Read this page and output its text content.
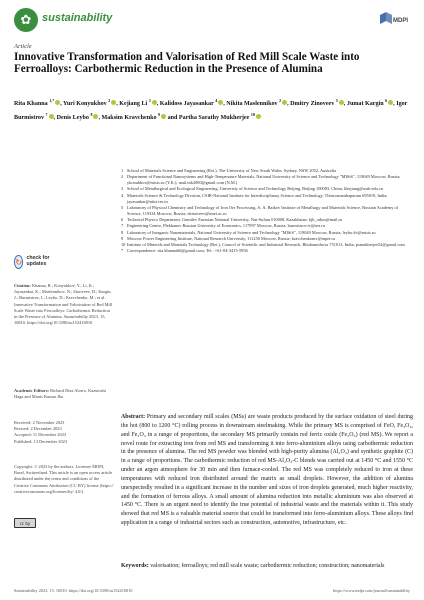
✿ sustainability	MDPI
Article
Innovative Transformation and Valorisation of Red Mill Scale Waste into Ferroalloys: Carbothermic Reduction in the Presence of Alumina
Rita Khanna $^{1,*}$, Yuri Konyukhov $^2$, Kejiang Li $^3$, Kalidoss Jayasankar $^4$, Nikita Maslennikov $^2$, Dmitry Zinoveev $^5$, Jumat Kargin $^6$, Igor Burmistrov $^7$, Denis Leybo $^8$, Maksim Kravchenko $^9$ and Partha Sarathy Mukherjee $^{10}$
1 School of Materials Science and Engineering (Ret.), The University of New South Wales, Sydney, NSW 2052, Australia
2 Department of Functional Nanosystems and High-Temperature Materials, National University of Science and Technology "MISiS", 119049 Moscow, Russia; ykonukhov@misis.ru (Y.K.); mail.nik2000@gmail.com (N.M.)
3 School of Metallurgical and Ecological Engineering, University of Science and Technology Beijing, Beijing 100083, China; likejiang@ustb.edu.cn
4 Materials Science & Technology Division, CSIR-National Institute for Interdisciplinary Science and Technology, Thiruvananthapuram 695019, India; jayasankar@niist.res.in
5 Laboratory of Physical Chemistry and Technology of Iron Ore Processing, A. A. Baikov Institute of Metallurgy and Materials Science, Russian Academy of Science, 119334 Moscow, Russia; dzinoveev@imet.ac.ru
6 Technical Physics Department, Gumilev Eurasian National University, Nur-Sultan 010008, Kazakhstan; kjh_orkm@mail.ru
7 Engineering Centre, Plekhanov Russian University of Economics, 117997 Moscow, Russia; burmistrov.iv@rea.ru
8 Laboratory of Inorganic Nanomaterials, National University of Science and Technology "MISiS", 119049 Moscow, Russia; leybo.dv@misis.ru
9 Moscow Power Engineering Institute, National Research University, 111250 Moscow, Russia; kravchenkomv@mpei.ru
10 Institute of Minerals and Materials Technology (Ret.), Council of Scientific and Industrial Research, Bhubaneshwar 751013, India; psmukherjee52@gmail.com
* Correspondence: rita.khanna66@gmail.com; Tel.: +61-04-3415-5956
↻ check for updates
Citation: Khanna, R.; Konyukhov, Y.; Li, K.; Jayasankar, K.; Maslennikov, N.; Zinoveev, D.; Kargin, J.; Burmistrov, I.; Leybo, D.; Kravchenko, M.; et al. Innovative Transformation and Valorisation of Red Mill Scale Waste into Ferroalloys: Carbothermic Reduction in the Presence of Alumina. Sustainability 2023, 15, 16810. https://doi.org/10.3390/su152416810
Academic Editors: Richard Diaz Alorro, Kazutoshi Haga and Manis Kumar Jha
Received: 2 November 2023
Revised: 2 December 2023
Accepted: 11 December 2023
Published: 13 December 2023
cc by
Copyright: © 2023 by the authors. Licensee MDPI, Basel, Switzerland. This article is an open access article distributed under the terms and conditions of the Creative Commons Attribution (CC BY) license (https:// creativecommons.org/licenses/by/ 4.0/).
Abstract: Primary and secondary mill scales (MSs) are waste products produced by the surface oxidation of steel during the hot (800 to 1200 °C) rolling process in downstream steelmaking. While the primary MS is comprised of FeO, Fe₃O₄, and Fe₂O₃ in a range of proportions, the secondary MS primarily contain red ferric oxide (Fe₂O₃) (red MS). We report a novel route for extracting iron from red MS and transforming it into ferro-aluminium alloys using carbothermic reduction in the presence of alumina. The red MS powder was blended with high-purity alumina (Al₂O₃) and synthetic graphite (C) in a range of proportions. The carbothermic reduction of red MS-Al₂O₃-C blends was carried out at 1450 °C and 1550 °C under an argon atmosphere for 30 min and then furnace-cooled. The red MS was completely reduced to iron at these temperatures with reduced iron distributed around the matrix as small droplets. However, the addition of alumina unexpectedly resulted in a significant increase in the number and sizes of iron droplets generated, much higher reactivity, and the formation of ferrous alloys. A small amount of alumina reduction into metallic aluminium was also observed at 1450 °C. There is an urgent need to identify the true potential of industrial waste and the materials within it. This study showed that red MS is a valuable material source that could be transformed into ferro-aluminium alloys. These alloys find application in a range of industrial sectors such as construction, automotive, infrastructure, etc.
Keywords: valorisation; ferroalloys; red mill scale waste; carbothermic reduction; construction; nanomaterials
Sustainability 2023, 15, 16810. https://doi.org/10.3390/su152416810	https://www.mdpi.com/journal/sustainability
